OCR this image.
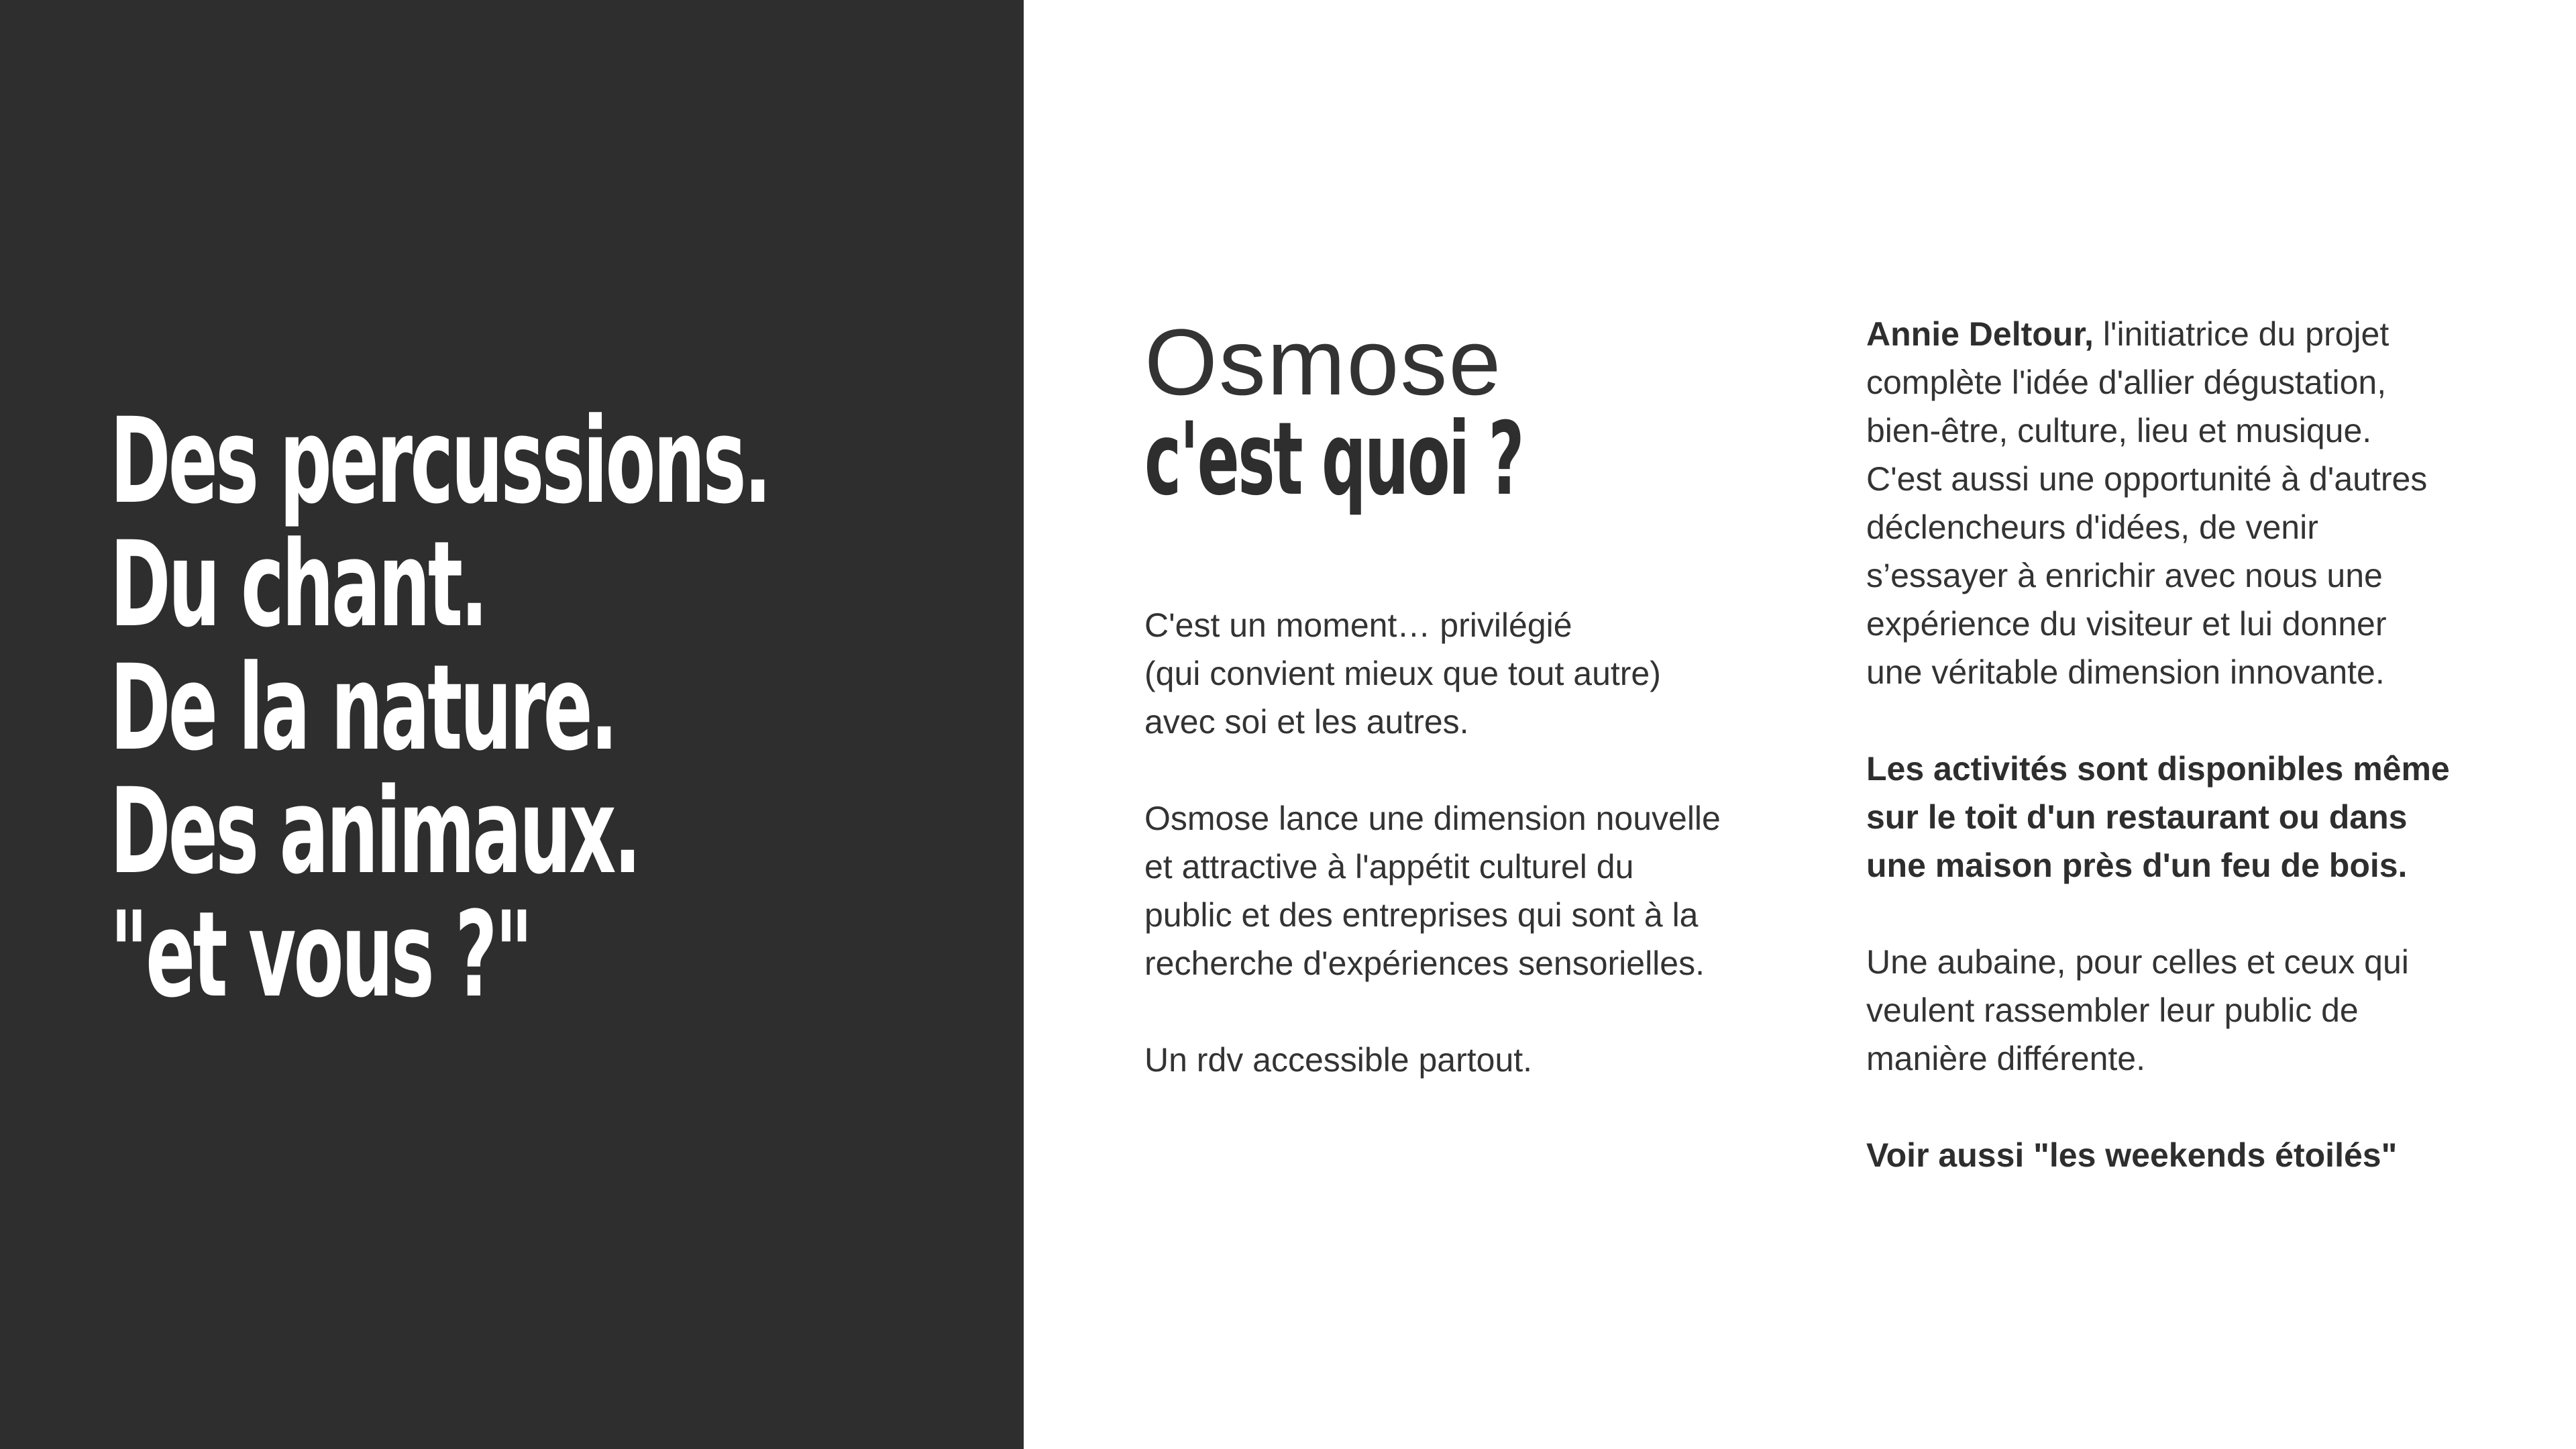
Des percussions.
Du chant.
De la nature.
Des animaux.
"et vous ?"
Osmose
c'est quoi ?

C'est un moment… privilégié
(qui convient mieux que tout autre)
avec soi et les autres.

Osmose lance une dimension nouvelle
et attractive à l'appétit culturel du
public et des entreprises qui sont à la
recherche d'expériences sensorielles.

Un rdv accessible partout.

Annie Deltour, l'initiatrice du projet
complète l'idée d'allier dégustation,
bien-être, culture, lieu et musique.
C'est aussi une opportunité à d'autres
déclencheurs d'idées, de venir
s’essayer à enrichir avec nous une
expérience du visiteur et lui donner
une véritable dimension innovante.

Les activités sont disponibles même
sur le toit d'un restaurant ou dans
une maison près d'un feu de bois.

Une aubaine, pour celles et ceux qui
veulent rassembler leur public de
manière différente.

Voir aussi "les weekends étoilés"
